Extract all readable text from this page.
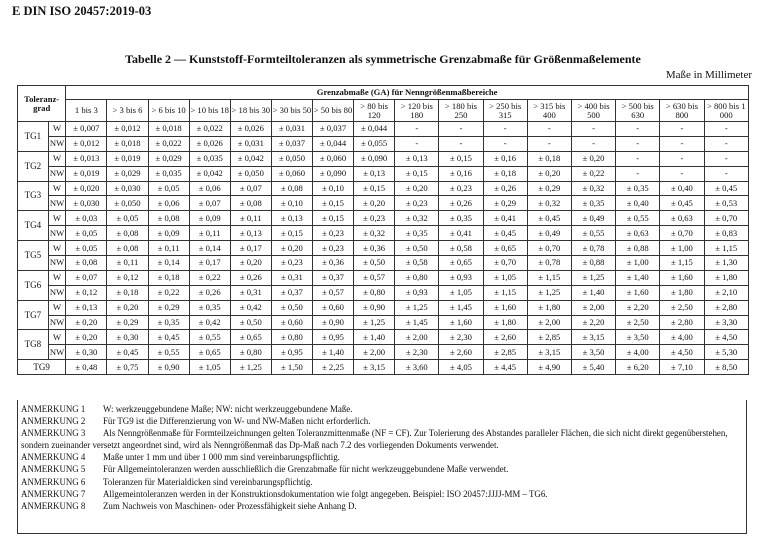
E DIN ISO 20457:2019-03
Tabelle 2 — Kunststoff-Formteiltoleranzen als symmetrische Grenzabmaße für Größenmaßelemente
Maße in Millimeter
Toleranz-grad		Grenzabmaße (GA) für Nenngrößenmaßbereiche															
		1 bis 3	> 3 bis 6	> 6 bis 10	> 10 bis 18	> 18 bis 30	> 30 bis 50	> 50 bis 80	> 80 bis 120	> 120 bis 180	> 180 bis 250	> 250 bis 315	> 315 bis 400	> 400 bis 500	> 500 bis 630	> 630 bis 800	> 800 bis 1 000
TG1	W	± 0,007	± 0,012	± 0,018	± 0,022	± 0,026	± 0,031	± 0,037	± 0,044	-	-	-	-	-	-	-	-
	NW	± 0,012	± 0,018	± 0,022	± 0,026	± 0,031	± 0,037	± 0,044	± 0,055	-	-	-	-	-	-	-	-
TG2	W	± 0,013	± 0,019	± 0,029	± 0,035	± 0,042	± 0,050	± 0,060	± 0,090	± 0,13	± 0,15	± 0,16	± 0,18	± 0,20	-	-	-
	NW	± 0,019	± 0,029	± 0,035	± 0,042	± 0,050	± 0,060	± 0,090	± 0,13	± 0,15	± 0,16	± 0,18	± 0,20	± 0,22	-	-	-
TG3	W	± 0,020	± 0,030	± 0,05	± 0,06	± 0,07	± 0,08	± 0,10	± 0,15	± 0,20	± 0,23	± 0,26	± 0,29	± 0,32	± 0,35	± 0,40	± 0,45
	NW	± 0,030	± 0,050	± 0,06	± 0,07	± 0,08	± 0,10	± 0,15	± 0,20	± 0,23	± 0,26	± 0,29	± 0,32	± 0,35	± 0,40	± 0,45	± 0,53
TG4	W	± 0,03	± 0,05	± 0,08	± 0,09	± 0,11	± 0,13	± 0,15	± 0,23	± 0,32	± 0,35	± 0,41	± 0,45	± 0,49	± 0,55	± 0,63	± 0,70
	NW	± 0,05	± 0,08	± 0,09	± 0,11	± 0,13	± 0,15	± 0,23	± 0,32	± 0,35	± 0,41	± 0,45	± 0,49	± 0,55	± 0,63	± 0,70	± 0,83
TG5	W	± 0,05	± 0,08	± 0,11	± 0,14	± 0,17	± 0,20	± 0,23	± 0,36	± 0,50	± 0,58	± 0,65	± 0,70	± 0,78	± 0,88	± 1,00	± 1,15
	NW	± 0,08	± 0,11	± 0,14	± 0,17	± 0,20	± 0,23	± 0,36	± 0,50	± 0,58	± 0,65	± 0,70	± 0,78	± 0,88	± 1,00	± 1,15	± 1,30
TG6	W	± 0,07	± 0,12	± 0,18	± 0,22	± 0,26	± 0,31	± 0,37	± 0,57	± 0,80	± 0,93	± 1,05	± 1,15	± 1,25	± 1,40	± 1,60	± 1,80
	NW	± 0,12	± 0,18	± 0,22	± 0,26	± 0,31	± 0,37	± 0,57	± 0,80	± 0,93	± 1,05	± 1,15	± 1,25	± 1,40	± 1,60	± 1,80	± 2,10
TG7	W	± 0,13	± 0,20	± 0,29	± 0,35	± 0,42	± 0,50	± 0,60	± 0,90	± 1,25	± 1,45	± 1,60	± 1,80	± 2,00	± 2,20	± 2,50	± 2,80
	NW	± 0,20	± 0,29	± 0,35	± 0,42	± 0,50	± 0,60	± 0,90	± 1,25	± 1,45	± 1,60	± 1,80	± 2,00	± 2,20	± 2,50	± 2,80	± 3,30
TG8	W	± 0,20	± 0,30	± 0,45	± 0,55	± 0,65	± 0,80	± 0,95	± 1,40	± 2,00	± 2,30	± 2,60	± 2,85	± 3,15	± 3,50	± 4,00	± 4,50
	NW	± 0,30	± 0,45	± 0,55	± 0,65	± 0,80	± 0,95	± 1,40	± 2,00	± 2,30	± 2,60	± 2,85	± 3,15	± 3,50	± 4,00	± 4,50	± 5,30
TG9		± 0,48	± 0,75	± 0,90	± 1,05	± 1,25	± 1,50	± 2,25	± 3,15	± 3,60	± 4,05	± 4,45	± 4,90	± 5,40	± 6,20	± 7,10	± 8,50
ANMERKUNG 1 W: werkzeuggebundene Maße; NW: nicht werkzeuggebundene Maße.
ANMERKUNG 2 Für TG9 ist die Differenzierung von W- und NW-Maßen nicht erforderlich.
ANMERKUNG 3 Als Nenngrößenmaße für Formteilzeichnungen gelten Toleranzmittenmaße (NF = CF). Zur Tolerierung des Abstandes paralleler Flächen, die sich nicht direkt gegenüberstehen, sondern zueinander versetzt angeordnet sind, wird als Nenngrößenmaß das Dp-Maß nach 7.2 des vorliegenden Dokuments verwendet.
ANMERKUNG 4 Maße unter 1 mm und über 1 000 mm sind vereinbarungspflichtig.
ANMERKUNG 5 Für Allgemeintoleranzen werden ausschließlich die Grenzabmaße für nicht werkzeuggebundene Maße verwendet.
ANMERKUNG 6 Toleranzen für Materialdicken sind vereinbarungspflichtig.
ANMERKUNG 7 Allgemeintoleranzen werden in der Konstruktionsdokumentation wie folgt angegeben. Beispiel: ISO 20457:JJJJ-MM – TG6.
ANMERKUNG 8 Zum Nachweis von Maschinen- oder Prozessfähigkeit siehe Anhang D.
